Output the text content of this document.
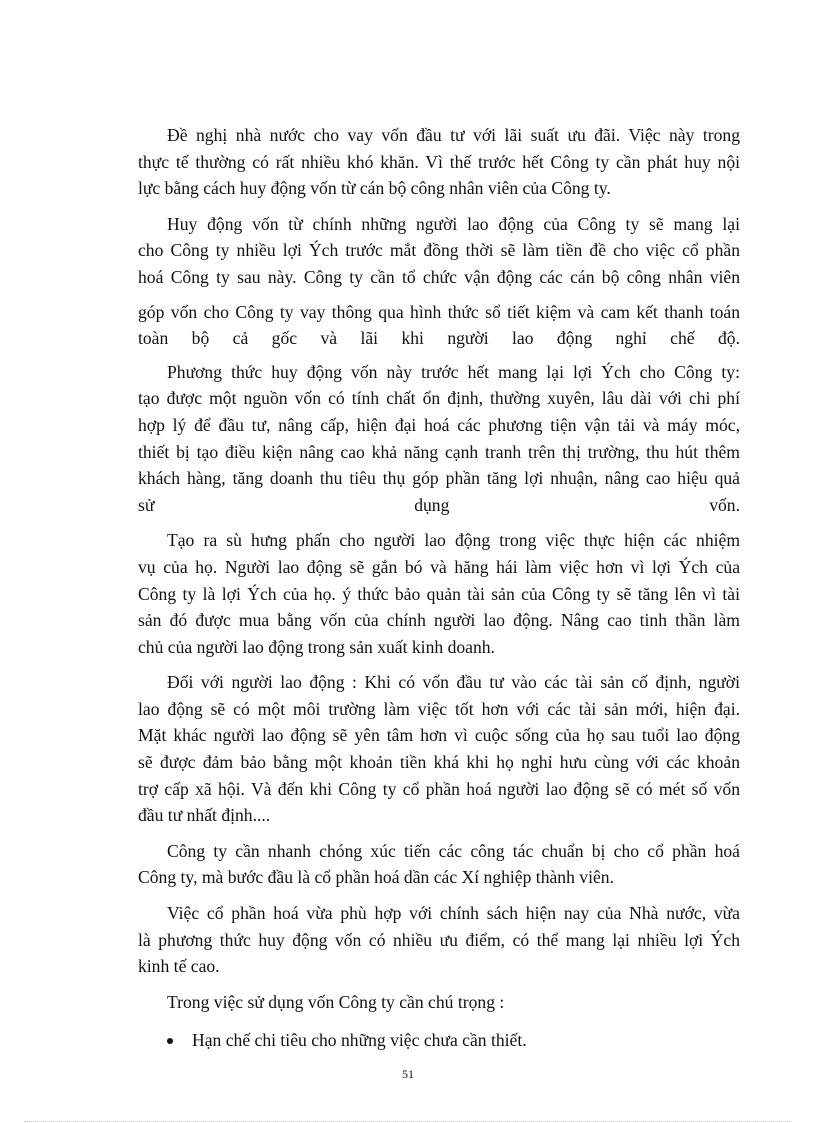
Đề nghị nhà nước cho vay vốn đầu tư với lãi suất ưu đãi. Việc này trong
thực tế thường có rất nhiều khó khăn. Vì thế trước hết Công ty cần phát huy nội
lực bằng cách huy động vốn từ cán bộ công nhân viên của Công ty.

Huy động vốn từ chính những người lao động của Công ty sẽ mang lại
cho Công ty nhiều lợi Ých trước mắt đồng thời sẽ làm tiền đề cho việc cổ phần
hoá Công ty sau này. Công ty cần tổ chức vận động các cán bộ công nhân viên
góp vốn cho Công ty vay thông qua hình thức sổ tiết kiệm và cam kết thanh toán
toàn bộ cả gốc và lãi khi người lao động nghỉ chế độ.

Phương thức huy động vốn này trước hết mang lại lợi Ých cho Công ty:
tạo được một nguồn vốn có tính chất ổn định, thường xuyên, lâu dài với chi phí
hợp lý để đầu tư, nâng cấp, hiện đại hoá các phương tiện vận tải và máy móc,
thiết bị tạo điều kiện nâng cao khả năng cạnh tranh trên thị trường, thu hút thêm
khách hàng, tăng doanh thu tiêu thụ góp phần tăng lợi nhuận, nâng cao hiệu quả
sử dụng vốn.

Tạo ra sù hưng phấn cho người lao động trong việc thực hiện các nhiệm
vụ của họ. Người lao động sẽ gắn bó và hăng hái làm việc hơn vì lợi Ých của
Công ty là lợi Ých của họ. ý thức bảo quản tài sản của Công ty sẽ tăng lên vì tài
sản đó được mua bằng vốn của chính người lao động. Nâng cao tinh thần làm
chủ của người lao động trong sản xuất kinh doanh.

Đối với người lao động : Khi có vốn đầu tư vào các tài sản cố định, người
lao động sẽ có một môi trường làm việc tốt hơn với các tài sản mới, hiện đại.
Mặt khác người lao động sẽ yên tâm hơn vì cuộc sống của họ sau tuổi lao động
sẽ được đảm bảo bằng một khoản tiền khá khi họ nghỉ hưu cùng với các khoản
trợ cấp xã hội. Và đến khi Công ty cổ phần hoá người lao động sẽ có mét số vốn
đầu tư nhất định....

Công ty cần nhanh chóng xúc tiến các công tác chuẩn bị cho cổ phần hoá
Công ty, mà bước đầu là cổ phần hoá dần các Xí nghiệp thành viên.

Việc cổ phần hoá vừa phù hợp với chính sách hiện nay của Nhà nước, vừa
là phương thức huy động vốn có nhiều ưu điểm, có thể mang lại nhiều lợi Ých
kinh tế cao.

Trong việc sử dụng vốn Công ty cần chú trọng :

Hạn chế chi tiêu cho những việc chưa cần thiết.
51
